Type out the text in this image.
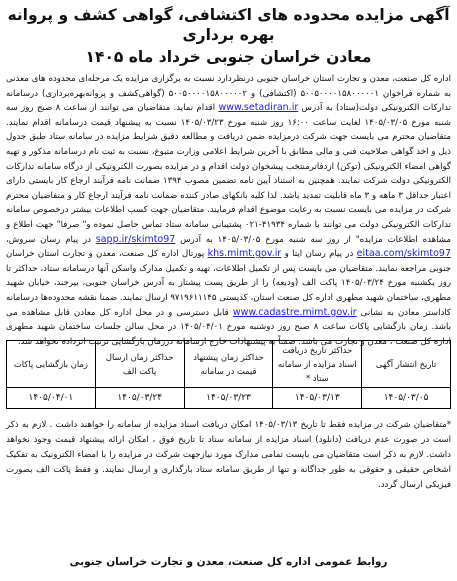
آگهی مزایده محدوده های اکتشافی، گواهی کشف و پروانه بهره برداری
معادن خراسان جنوبی خرداد ماه ۱۴۰۵
اداره کل صنعت، معدن و تجارت استان خراسان جنوبی درنظردارد نسبت به برگزاری مزایده یک مرحله‌ای محدوده های معدنی به شماره فراخوان ۵۰۰۵۰۰۰۰۱۵۸۰۰۰۰۰۱ (اکتشافی) و ۵۰۰۵۰۰۰۰۱۵۸۰۰۰۰۰۲ (گواهی‌کشف و پروانه‌بهره‌برداری) درسامانه تدارکات الکترونیکی دولت(ستاد) به آدرس www.setadiran.ir اقدام نماید. متقاضیان می توانند از ساعت ۸ صبح روز سه شنبه مورخ ۱۴۰۵/۰۳/۰۵ لغایت ساعت ۱۶:۰۰ روز شنبه مورخ ۱۴۰۵/۰۳/۲۳ نسبت به پیشنهاد قیمت درسامانه اقدام نمایند. متقاضیان محترم می بایست جهت شرکت درمزایده ضمن دریافت و مطالعه دقیق شرایط مزایده در سامانه ستاد طبق جدول ذیل و اخذ گواهی صلاحیت فنی و مالی مطابق با آخرین شرایط اعلامی وزارت متبوع، نسبت به ثبت نام درسامانه مذکور و تهیه گواهی امضاء الکترونیکی (توکن) ازدفاترمنتخب پیشخوان دولت اقدام و در مزایده بصورت الکترونیکی از درگاه سامانه تدارکات الکترونیکی دولت شرکت نمایند. همچنین به استناد آیین نامه تضمین مصوب ۱۳۹۴ ضمانت نامه فرآیند ارجاع کار بایستی دارای اعتبار حداقل ۳ ماهه و ۳ ماه قابلیت تمدید باشد. لذا کلیه بانکهای صادر کننده ضمانت نامه فرآیند ارجاع کار و متقاضیان محترم شرکت در مزایده می بایست نسبت به رعایت موضوع اقدام فرمایند. متقاضیان جهت کسب اطلاعات بیشتر درخصوص سامانه تدارکات الکترونیکی دولت می توانند با شماره ۴۱۹۳۴-۰۲۱ پشتیبانی سامانه ستاد تماس حاصل نموده و" صرفا" جهت اطلاع و مشاهده اطلاعات مزایده" از روز سه شنبه مورخ ۱۴۰۵/۰۳/۰۵ به آدرس sapp.ir/skimto97 در پیام رسان سروش، eitaa.com/skimto97 در پیام رسان ایتا و khs.mimt.gov.ir پورتال اداره کل صنعت، معدن و تجارت استان خراسان جنوبی مراجعه نمایند. متقاضیان می بایست پس از تکمیل اطلاعات، تهیه و تکمیل مدارک واسکن آنها درسامانه ستاد، حداکثر تا روز یکشنبه مورخ ۱۴۰۵/۰۳/۲۴ پاکت الف (ودیعه) را از طریق پست پیشتاز به آدرس خراسان جنوبی، بیرجند، خیابان شهید مطهری، ساختمان شهید مطهری اداره کل صنعت استان، کدپستی ۹۷۱۹۶۱۱۱۴۵ ارسال نمایند. ضمنا نقشه محدوده‌ها درسامانه کاداستر معادن به نشانی www.cadastre.mimt.gov.ir قابل دسترسی و در محل اداره کل معادن قابل مشاهده می باشد. زمان بازگشایی پاکات ساعت ۸ صبح روز دوشنبه مورخ ۱۴۰۵/۰۴/۰۱ در محل سالن جلسات ساختمان شهید مطهری اداره کل صنعت ، معدن و تجارت می باشد. ضمناً به پیشنهادات خارج ازسامانه درزمان بازگشایی ترتیب اثرداده نخواهد شد.
تاریخ انتشار آگهی	حداکثر تاریخ دریافت اسناد مزایده از سامانه ستاد *	حداکثر زمان پیشنهاد قیمت در سامانه	حداکثر زمان ارسال پاکت الف	زمان بازگشایی پاکات
۱۴۰۵/۰۳/۰۵	۱۴۰۵/۰۳/۱۳	۱۴۰۵/۰۳/۲۳	۱۴۰۵/۰۳/۲۴	۱۴۰۵/۰۴/۰۱
*متقاضیان شرکت در مزایده فقط تا تاریخ ۱۴۰۵/۰۳/۱۳ امکان دریافت اسناد مزایده از سامانه را خواهند داشت . لازم به ذکر است در صورت عدم دریافت (دانلود) اسناد مزایده از سامانه ستاد تا تاریخ فوق ، امکان ارائه پیشنهاد قیمت وجود نخواهد داشت. لازم به ذکر است متقاضیان می بایست تمامی مدارک مورد نیازجهت شرکت در مزایده را با امضاء الکترونیک به تفکیک اشخاص حقیقی و حقوقی به طور جداگانه و تنها از طریق سامانه ستاد بارگذاری و ارسال نمایند. و فقط پاکت الف بصورت فیزیکی ارسال گردد.
روابط عمومی اداره کل صنعت، معدن و تجارت خراسان جنوبی
